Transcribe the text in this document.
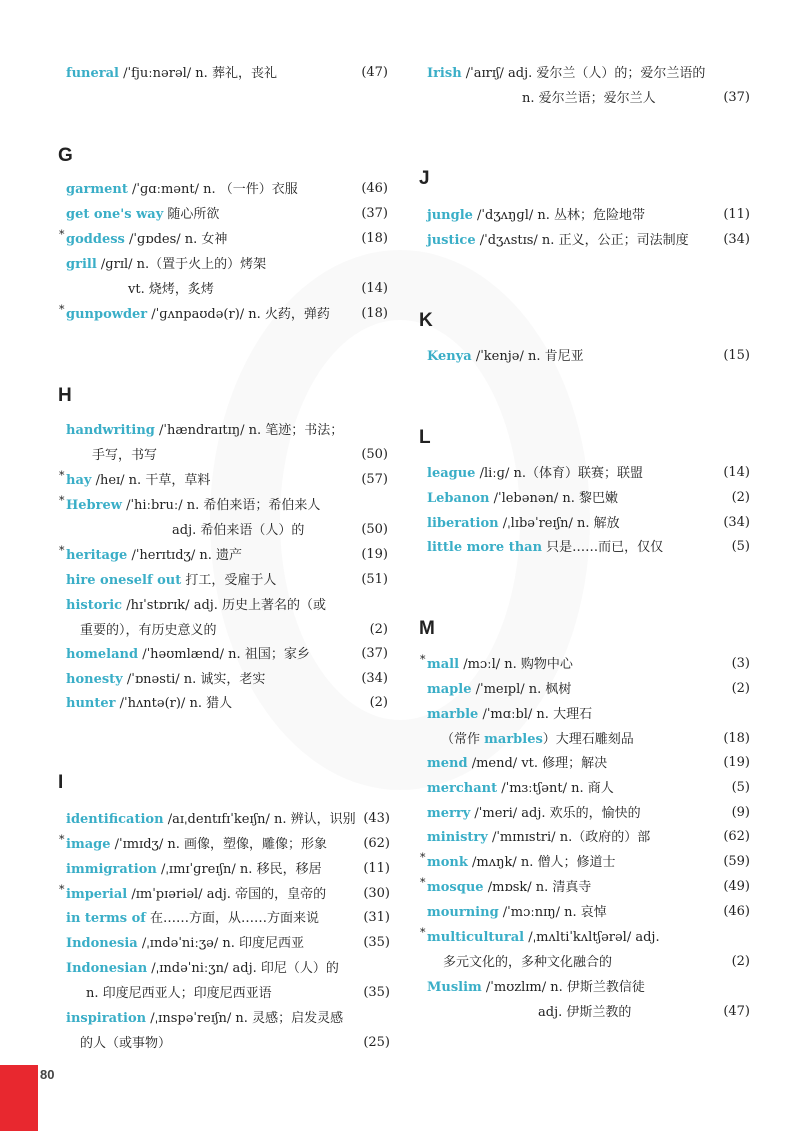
funeral /ˈfjuːnərəl/ n. 葬礼，丧礼	(47)
G
garment /ˈɡɑːmənt/ n. （一件）衣服	(46)
get one's way 随心所欲	(37)
* goddess /ˈɡɒdes/ n. 女神	(18)
grill /ɡrɪl/ n.（置于火上的）烤架
vt. 烧烤，炙烤	(14)
* gunpowder /ˈɡʌnpaʊdə(r)/ n. 火药，弹药	(18)
H
handwriting /ˈhændraɪtɪŋ/ n. 笔迹；书法；
手写，书写	(50)
* hay /heɪ/ n. 干草，草料	(57)
* Hebrew /ˈhiːbruː/ n. 希伯来语；希伯来人
adj. 希伯来语（人）的	(50)
* heritage /ˈherɪtɪdʒ/ n. 遗产	(19)
hire oneself out 打工，受雇于人	(51)
historic /hɪˈstɒrɪk/ adj. 历史上著名的（或
重要的），有历史意义的	(2)
homeland /ˈhəʊmlænd/ n. 祖国；家乡	(37)
honesty /ˈɒnəsti/ n. 诚实，老实	(34)
hunter /ˈhʌntə(r)/ n. 猎人	(2)
I
identification /aɪˌdentɪfɪˈkeɪʃn/ n. 辨认，识别 (43)
* image /ˈɪmɪdʒ/ n. 画像，塑像，雕像；形象	(62)
immigration /ˌɪmɪˈɡreɪʃn/ n. 移民，移居	(11)
* imperial /ɪmˈpɪəriəl/ adj. 帝国的，皇帝的	(30)
in terms of 在……方面，从……方面来说	(31)
Indonesia /ˌɪndəˈniːʒə/ n. 印度尼西亚	(35)
Indonesian /ˌɪndəˈniːʒn/ adj. 印尼（人）的
n. 印度尼西亚人；印度尼西亚语	(35)
inspiration /ˌɪnspəˈreɪʃn/ n. 灵感；启发灵感
的人（或事物）	(25)
Irish /ˈaɪrɪʃ/ adj. 爱尔兰（人）的；爱尔兰语的
n. 爱尔兰语；爱尔兰人	(37)
J
jungle /ˈdʒʌŋɡl/ n. 丛林；危险地带	(11)
justice /ˈdʒʌstɪs/ n. 正义，公正；司法制度	(34)
K
Kenya /ˈkenjə/ n. 肯尼亚	(15)
L
league /liːɡ/ n.（体育）联赛；联盟	(14)
Lebanon /ˈlebənən/ n. 黎巴嫩	(2)
liberation /ˌlɪbəˈreɪʃn/ n. 解放	(34)
little more than 只是……而已，仅仅	(5)
M
* mall /mɔːl/ n. 购物中心	(3)
maple /ˈmeɪpl/ n. 枫树	(2)
marble /ˈmɑːbl/ n. 大理石
（常作 marbles）大理石雕刻品	(18)
mend /mend/ vt. 修理；解决	(19)
merchant /ˈmɜːtʃənt/ n. 商人	(5)
merry /ˈmeri/ adj. 欢乐的，愉快的	(9)
ministry /ˈmɪnɪstri/ n.（政府的）部	(62)
* monk /mʌŋk/ n. 僧人；修道士	(59)
* mosque /mɒsk/ n. 清真寺	(49)
mourning /ˈmɔːnɪŋ/ n. 哀悼	(46)
* multicultural /ˌmʌltiˈkʌltʃərəl/ adj.
多元文化的，多种文化融合的	(2)
Muslim /ˈmʊzlɪm/ n. 伊斯兰教信徒
adj. 伊斯兰教的	(47)
80
